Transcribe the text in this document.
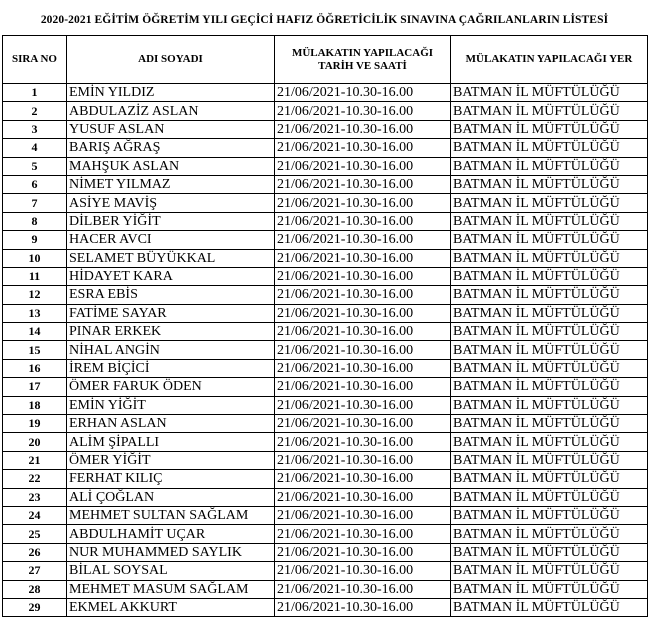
2020-2021 EĞİTİM ÖĞRETİM YILI GEÇİCİ HAFIZ ÖĞRETİCİLİK SINAVINA ÇAĞRILANLARIN LİSTESİ
SIRA NO	ADI SOYADI	MÜLAKATIN YAPILACAĞI
TARİH VE SAATİ	MÜLAKATIN YAPILACAĞI YER
1	EMİN YILDIZ	21/06/2021-10.30-16.00	BATMAN İL MÜFTÜLÜĞÜ
2	ABDULAZİZ ASLAN	21/06/2021-10.30-16.00	BATMAN İL MÜFTÜLÜĞÜ
3	YUSUF ASLAN	21/06/2021-10.30-16.00	BATMAN İL MÜFTÜLÜĞÜ
4	BARIŞ AĞRAŞ	21/06/2021-10.30-16.00	BATMAN İL MÜFTÜLÜĞÜ
5	MAHŞUK ASLAN	21/06/2021-10.30-16.00	BATMAN İL MÜFTÜLÜĞÜ
6	NİMET YILMAZ	21/06/2021-10.30-16.00	BATMAN İL MÜFTÜLÜĞÜ
7	ASİYE MAVİŞ	21/06/2021-10.30-16.00	BATMAN İL MÜFTÜLÜĞÜ
8	DİLBER YİĞİT	21/06/2021-10.30-16.00	BATMAN İL MÜFTÜLÜĞÜ
9	HACER AVCI	21/06/2021-10.30-16.00	BATMAN İL MÜFTÜLÜĞÜ
10	SELAMET BÜYÜKKAL	21/06/2021-10.30-16.00	BATMAN İL MÜFTÜLÜĞÜ
11	HİDAYET KARA	21/06/2021-10.30-16.00	BATMAN İL MÜFTÜLÜĞÜ
12	ESRA EBİS	21/06/2021-10.30-16.00	BATMAN İL MÜFTÜLÜĞÜ
13	FATİME SAYAR	21/06/2021-10.30-16.00	BATMAN İL MÜFTÜLÜĞÜ
14	PINAR ERKEK	21/06/2021-10.30-16.00	BATMAN İL MÜFTÜLÜĞÜ
15	NİHAL ANGİN	21/06/2021-10.30-16.00	BATMAN İL MÜFTÜLÜĞÜ
16	İREM BİÇİCİ	21/06/2021-10.30-16.00	BATMAN İL MÜFTÜLÜĞÜ
17	ÖMER FARUK ÖDEN	21/06/2021-10.30-16.00	BATMAN İL MÜFTÜLÜĞÜ
18	EMİN YİĞİT	21/06/2021-10.30-16.00	BATMAN İL MÜFTÜLÜĞÜ
19	ERHAN ASLAN	21/06/2021-10.30-16.00	BATMAN İL MÜFTÜLÜĞÜ
20	ALİM ŞİPALLI	21/06/2021-10.30-16.00	BATMAN İL MÜFTÜLÜĞÜ
21	ÖMER YİĞİT	21/06/2021-10.30-16.00	BATMAN İL MÜFTÜLÜĞÜ
22	FERHAT KILIÇ	21/06/2021-10.30-16.00	BATMAN İL MÜFTÜLÜĞÜ
23	ALİ ÇOĞLAN	21/06/2021-10.30-16.00	BATMAN İL MÜFTÜLÜĞÜ
24	MEHMET SULTAN SAĞLAM	21/06/2021-10.30-16.00	BATMAN İL MÜFTÜLÜĞÜ
25	ABDULHAMİT UÇAR	21/06/2021-10.30-16.00	BATMAN İL MÜFTÜLÜĞÜ
26	NUR MUHAMMED SAYLIK	21/06/2021-10.30-16.00	BATMAN İL MÜFTÜLÜĞÜ
27	BİLAL SOYSAL	21/06/2021-10.30-16.00	BATMAN İL MÜFTÜLÜĞÜ
28	MEHMET MASUM SAĞLAM	21/06/2021-10.30-16.00	BATMAN İL MÜFTÜLÜĞÜ
29	EKMEL AKKURT	21/06/2021-10.30-16.00	BATMAN İL MÜFTÜLÜĞÜ
